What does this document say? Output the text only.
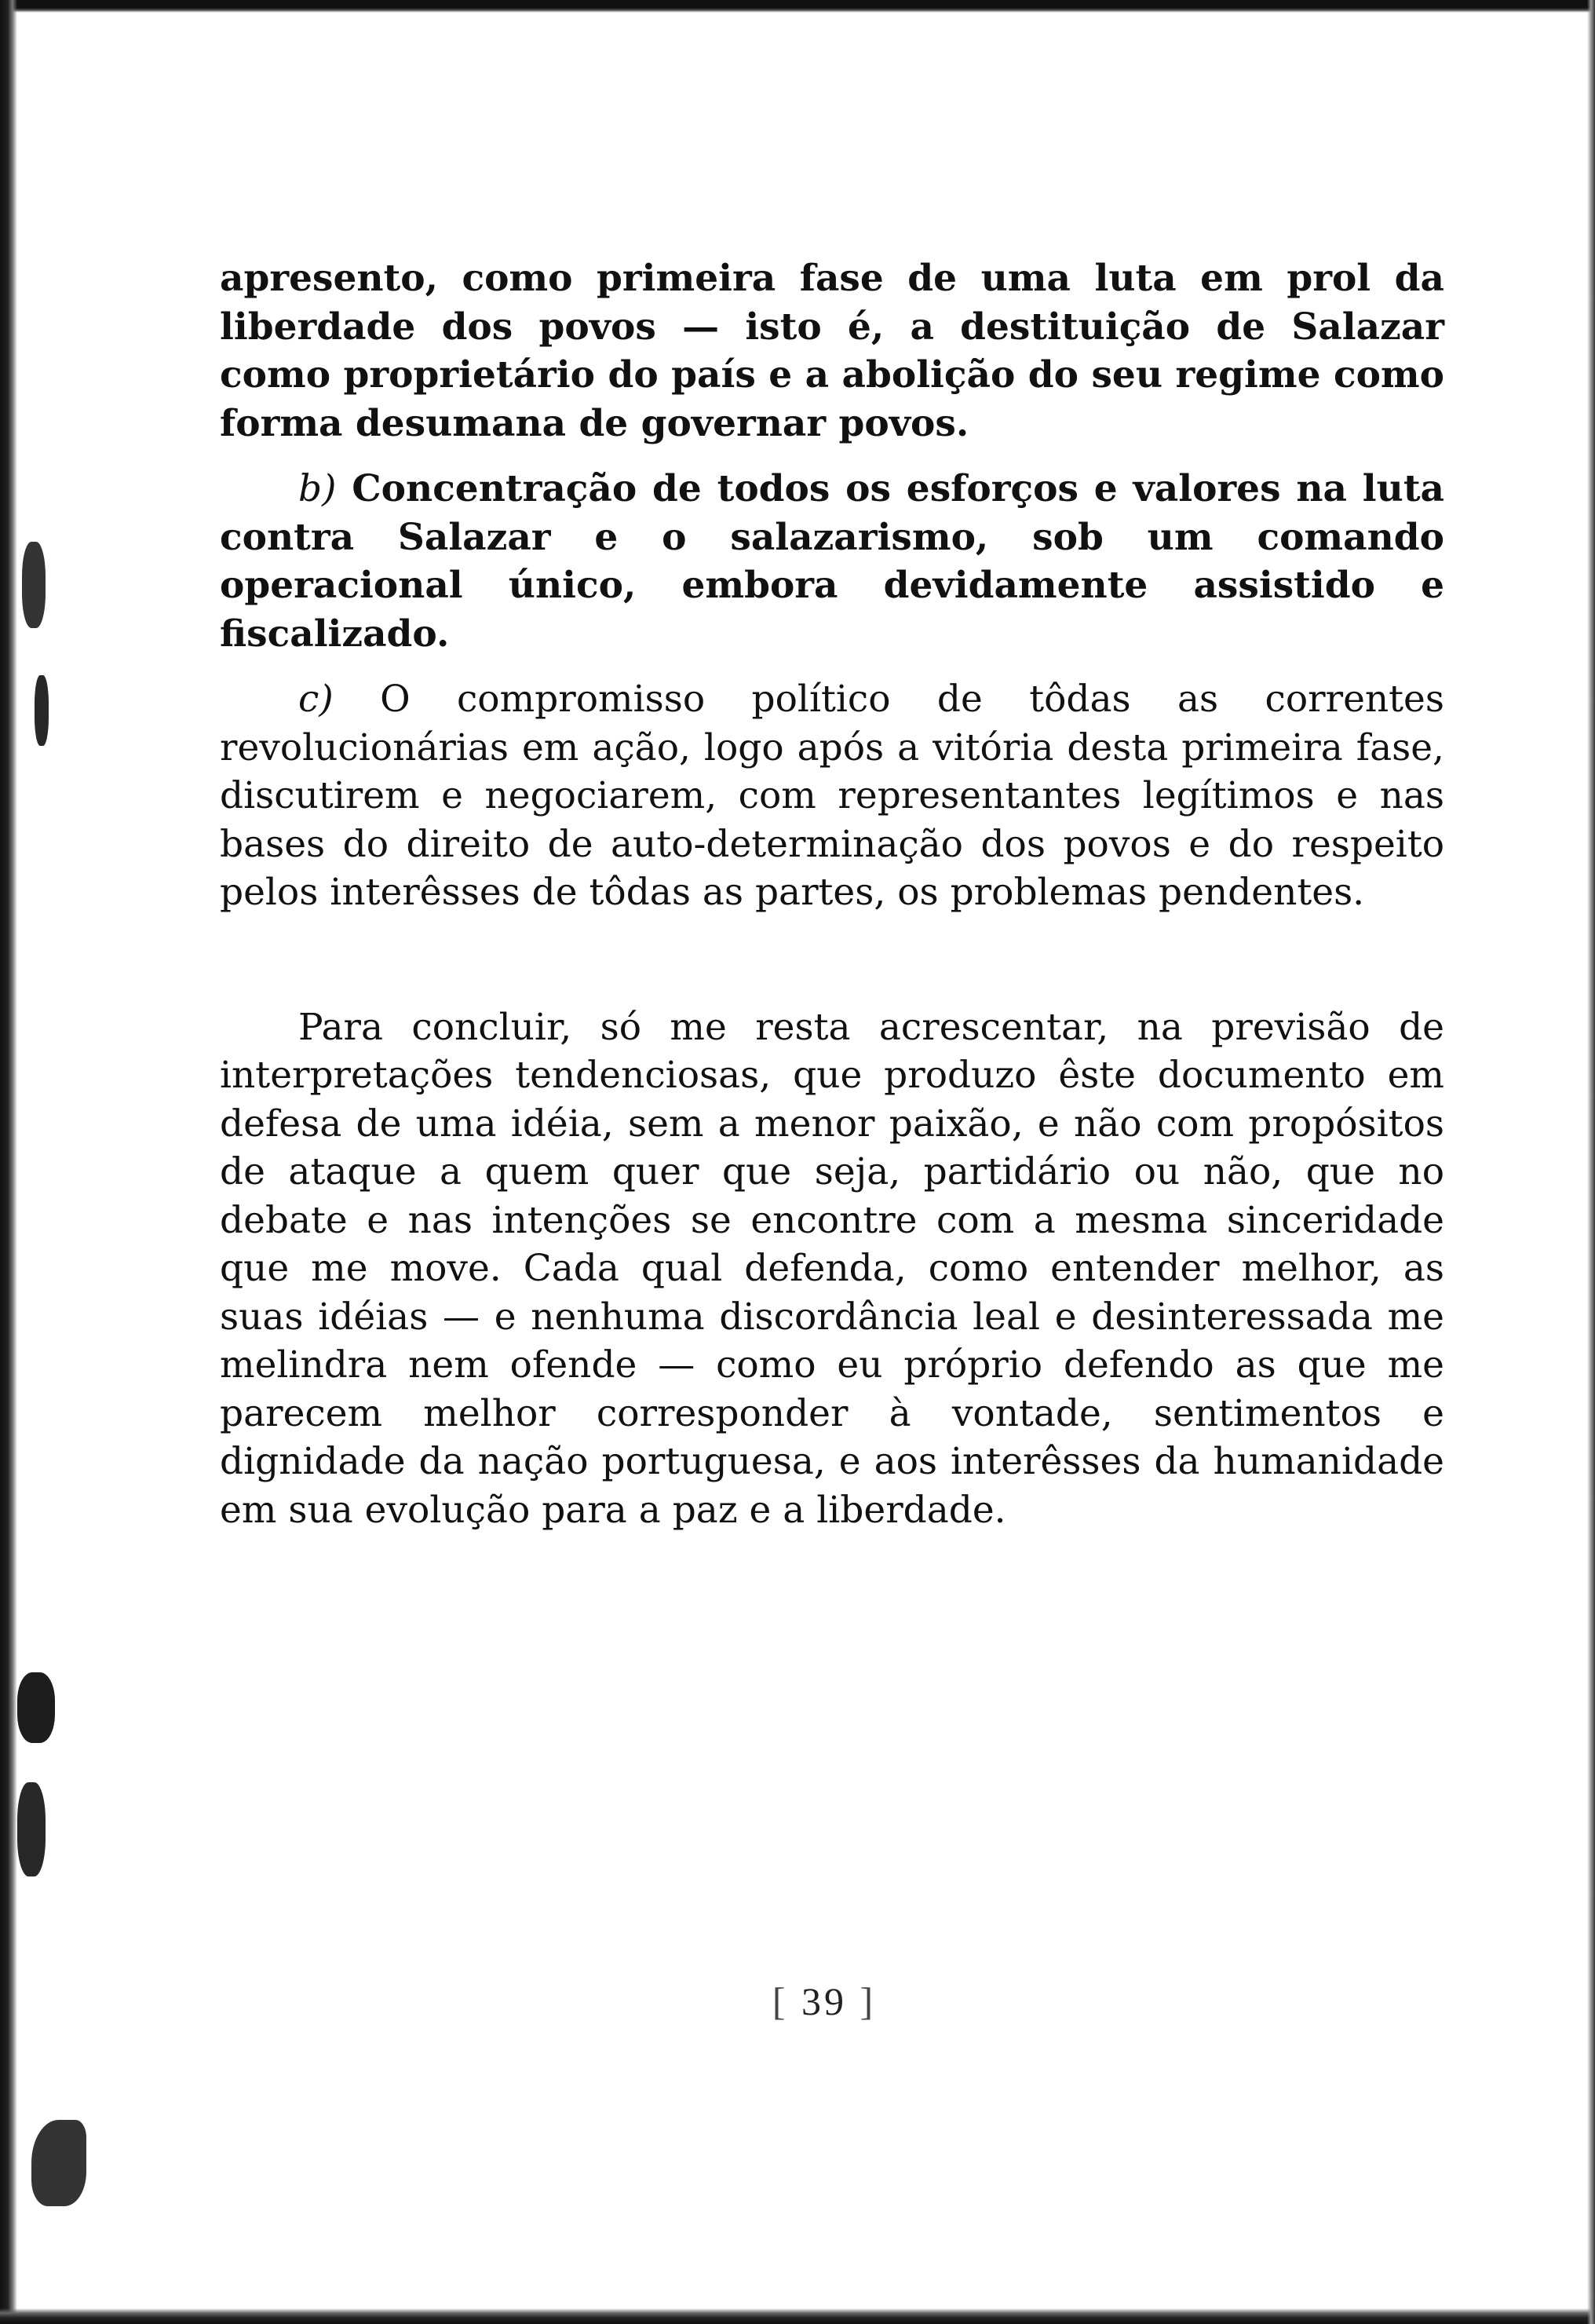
apresento, como primeira fase de uma luta em prol da liberdade dos povos — isto é, a destituição de Salazar como proprietário do país e a abolição do seu regime como forma desumana de governar povos.

b) Concentração de todos os esforços e valores na luta contra Salazar e o salazarismo, sob um comando operacional único, embora devidamente assistido e fiscalizado.

c) O compromisso político de tôdas as correntes revolucionárias em ação, logo após a vitória desta primeira fase, discutirem e negociarem, com representantes legítimos e nas bases do direito de auto-determinação dos povos e do respeito pelos interêsses de tôdas as partes, os problemas pendentes.

Para concluir, só me resta acrescentar, na previsão de interpretações tendenciosas, que produzo êste documento em defesa de uma idéia, sem a menor paixão, e não com propósitos de ataque a quem quer que seja, partidário ou não, que no debate e nas intenções se encontre com a mesma sinceridade que me move. Cada qual defenda, como entender melhor, as suas idéias — e nenhuma discordância leal e desinteressada me melindra nem ofende — como eu próprio defendo as que me parecem melhor corresponder à vontade, sentimentos e dignidade da nação portuguesa, e aos interêsses da humanidade em sua evolução para a paz e a liberdade.

[ 39 ]
